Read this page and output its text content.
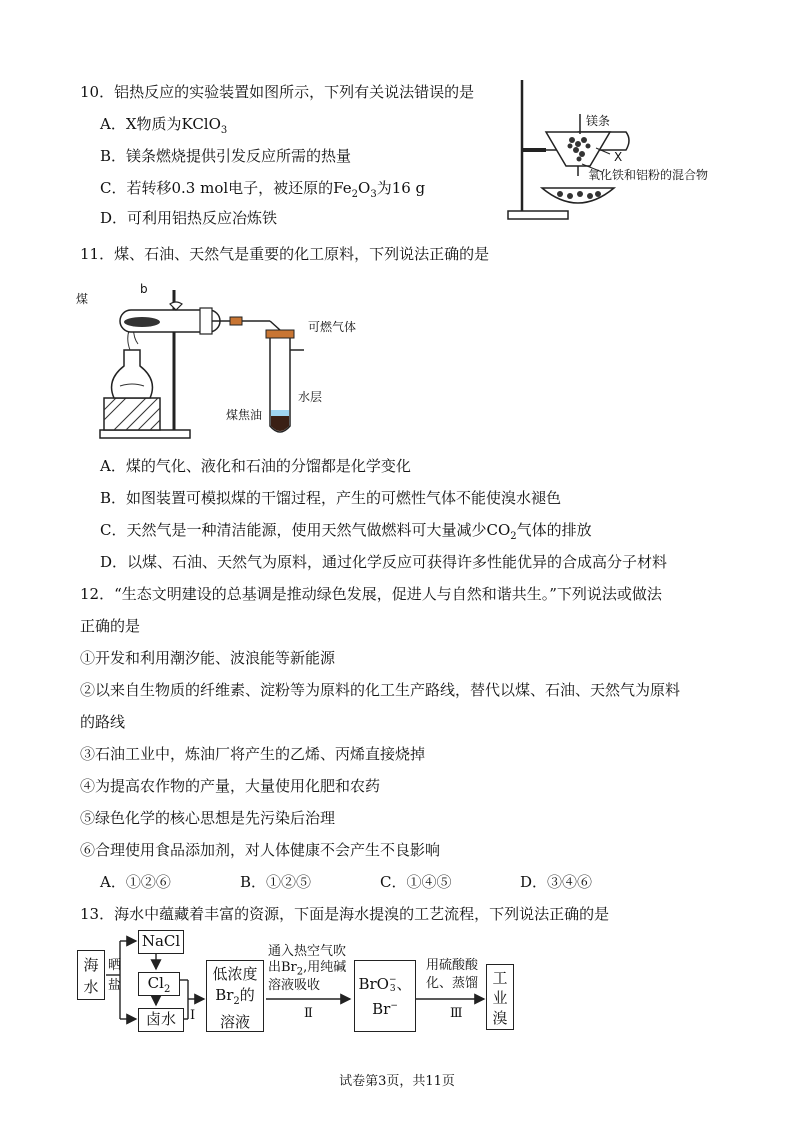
10．铝热反应的实验装置如图所示，下列有关说法错误的是
A．X物质为KClO$_3$
B．镁条燃烧提供引发反应所需的热量
C．若转移0.3 mol电子，被还原的$Fe_2O_3$为16 g
D．可利用铝热反应冶炼铁
镁条
X
氧化铁和铝粉的混合物
11．煤、石油、天然气是重要的化工原料，下列说法正确的是
煤
b
可燃气体
水层
煤焦油
A．煤的气化、液化和石油的分馏都是化学变化
B．如图装置可模拟煤的干馏过程，产生的可燃性气体不能使溴水褪色
C．天然气是一种清洁能源，使用天然气做燃料可大量减少$CO_2$气体的排放
D．以煤、石油、天然气为原料，通过化学反应可获得许多性能优异的合成高分子材料
12．“生态文明建设的总基调是推动绿色发展，促进人与自然和谐共生。”下列说法或做法
正确的是
①开发和利用潮汐能、波浪能等新能源
②以来自生物质的纤维素、淀粉等为原料的化工生产路线，替代以煤、石油、天然气为原料
的路线
③石油工业中，炼油厂将产生的乙烯、丙烯直接烧掉
④为提高农作物的产量，大量使用化肥和农药
⑤绿色化学的核心思想是先污染后治理
⑥合理使用食品添加剂，对人体健康不会产生不良影响
A．①②⑥	B．①②⑤	C．①④⑤	D．③④⑥
13．海水中蕴藏着丰富的资源，下面是海水提溴的工艺流程，下列说法正确的是
海
水
晒
盐
NaCl
$Cl_2$
卤水	Ⅰ
低浓度
$Br_2$的
溶液
通入热空气吹
出$Br_2$,用纯碱
溶液吸收
Ⅱ
BrO −
3 、
Br−
用硫酸酸
化、蒸馏
Ⅲ
工
业
溴
试卷第3页，共11页
